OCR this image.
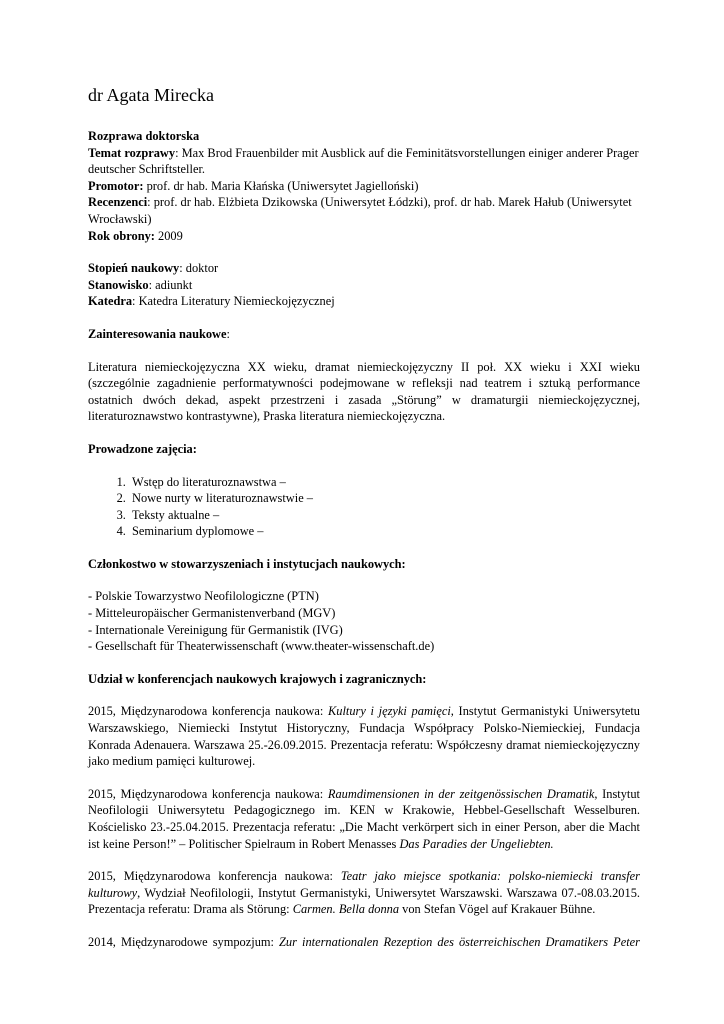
dr Agata Mirecka

Rozprawa doktorska

Temat rozprawy: Max Brod Frauenbilder mit Ausblick auf die Feminitätsvorstellungen einiger anderer Prager deutscher Schriftsteller.

Promotor: prof. dr hab. Maria Kłańska (Uniwersytet Jagielloński)

Recenzenci: prof. dr hab. Elżbieta Dzikowska (Uniwersytet Łódzki), prof. dr hab. Marek Hałub (Uniwersytet Wrocławski)

Rok obrony: 2009

Stopień naukowy: doktor

Stanowisko: adiunkt

Katedra: Katedra Literatury Niemieckojęzycznej

Zainteresowania naukowe:

Literatura niemieckojęzyczna XX wieku, dramat niemieckojęzyczny II poł. XX wieku i XXI wieku (szczególnie zagadnienie performatywności podejmowane w refleksji nad teatrem i sztuką performance ostatnich dwóch dekad, aspekt przestrzeni i zasada „Störung” w dramaturgii niemieckojęzycznej, literaturoznawstwo kontrastywne), Praska literatura niemieckojęzyczna.

Prowadzone zajęcia:

1. Wstęp do literaturoznawstwa –
2. Nowe nurty w literaturoznawstwie –
3. Teksty aktualne –
4. Seminarium dyplomowe –

Członkostwo w stowarzyszeniach i instytucjach naukowych:

- Polskie Towarzystwo Neofilologiczne (PTN)
- Mitteleuropäischer Germanistenverband (MGV)
- Internationale Vereinigung für Germanistik (IVG)
- Gesellschaft für Theaterwissenschaft (www.theater-wissenschaft.de)

Udział w konferencjach naukowych krajowych i zagranicznych:

2015, Międzynarodowa konferencja naukowa: Kultury i języki pamięci, Instytut Germanistyki Uniwersytetu Warszawskiego, Niemiecki Instytut Historyczny, Fundacja Współpracy Polsko-Niemieckiej, Fundacja Konrada Adenauera. Warszawa 25.-26.09.2015. Prezentacja referatu: Współczesny dramat niemieckojęzyczny jako medium pamięci kulturowej.

2015, Międzynarodowa konferencja naukowa: Raumdimensionen in der zeitgenössischen Dramatik, Instytut Neofilologii Uniwersytetu Pedagogicznego im. KEN w Krakowie, Hebbel-Gesellschaft Wesselburen. Kościelisko 23.-25.04.2015. Prezentacja referatu: „Die Macht verkörpert sich in einer Person, aber die Macht ist keine Person!” – Politischer Spielraum in Robert Menasses Das Paradies der Ungeliebten.

2015, Międzynarodowa konferencja naukowa: Teatr jako miejsce spotkania: polsko-niemiecki transfer kulturowy, Wydział Neofilologii, Instytut Germanistyki, Uniwersytet Warszawski. Warszawa 07.-08.03.2015. Prezentacja referatu: Drama als Störung: Carmen. Bella donna von Stefan Vögel auf Krakauer Bühne.

2014, Międzynarodowe sympozjum: Zur internationalen Rezeption des österreichischen Dramatikers Peter
